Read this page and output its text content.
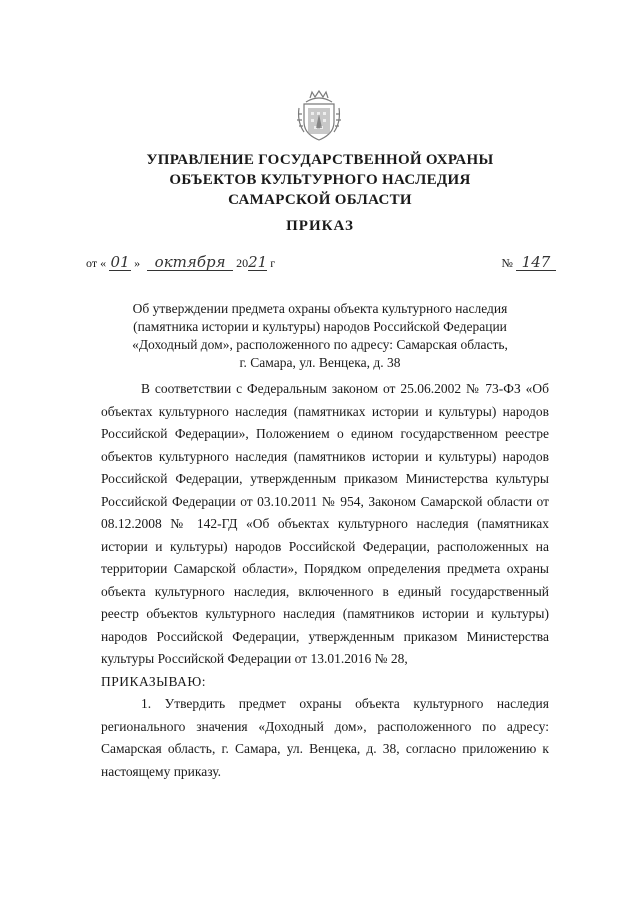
УПРАВЛЕНИЕ ГОСУДАРСТВЕННОЙ ОХРАНЫ
ОБЪЕКТОВ КУЛЬТУРНОГО НАСЛЕДИЯ
САМАРСКОЙ ОБЛАСТИ
ПРИКАЗ
от « 01 » октября 2021 г	№ 147
Об утверждении предмета охраны объекта культурного наследия
(памятника истории и культуры) народов Российской Федерации
«Доходный дом», расположенного по адресу: Самарская область,
г. Самара, ул. Венцека, д. 38

В соответствии с Федеральным законом от 25.06.2002 № 73-ФЗ «Об объектах культурного наследия (памятниках истории и культуры) народов Российской Федерации», Положением о едином государственном реестре объектов культурного наследия (памятников истории и культуры) народов Российской Федерации, утвержденным приказом Министерства культуры Российской Федерации от 03.10.2011 № 954, Законом Самарской области от 08.12.2008 № 142-ГД «Об объектах культурного наследия (памятниках истории и культуры) народов Российской Федерации, расположенных на территории Самарской области», Порядком определения предмета охраны объекта культурного наследия, включенного в единый государственный реестр объектов культурного наследия (памятников истории и культуры) народов Российской Федерации, утвержденным приказом Министерства культуры Российской Федерации от 13.01.2016 № 28,

ПРИКАЗЫВАЮ:

1. Утвердить предмет охраны объекта культурного наследия регионального значения «Доходный дом», расположенного по адресу: Самарская область, г. Самара, ул. Венцека, д. 38, согласно приложению к настоящему приказу.
